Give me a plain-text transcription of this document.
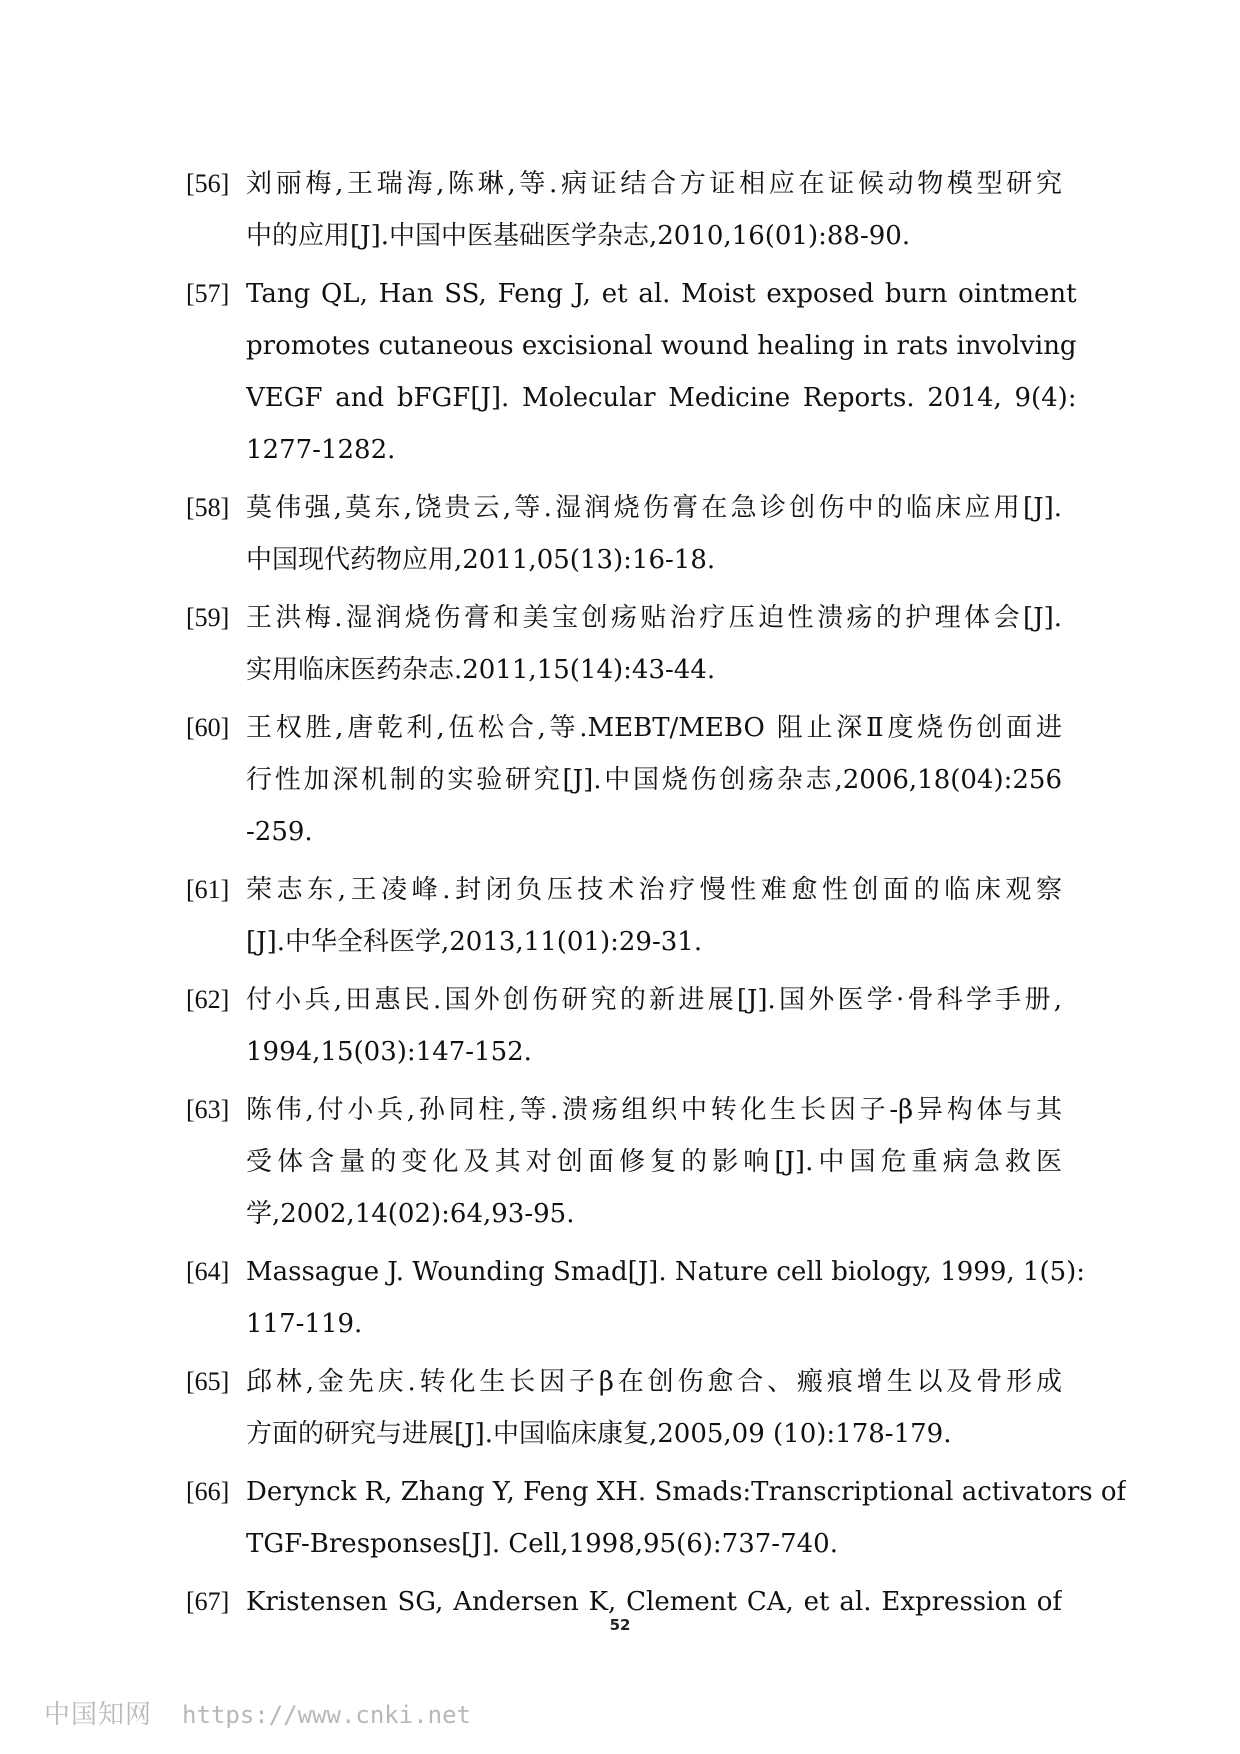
[56] 刘丽梅,王瑞海,陈琳,等.病证结合方证相应在证候动物模型研究
中的应用[J].中国中医基础医学杂志,2010,16(01):88-90.
[57] Tang QL, Han SS, Feng J, et al. Moist exposed burn ointment
promotes cutaneous excisional wound healing in rats involving
VEGF and bFGF[J]. Molecular Medicine Reports. 2014, 9(4):
1277-1282.
[58] 莫伟强,莫东,饶贵云,等.湿润烧伤膏在急诊创伤中的临床应用[J].
中国现代药物应用,2011,05(13):16-18.
[59] 王洪梅.湿润烧伤膏和美宝创疡贴治疗压迫性溃疡的护理体会[J].
实用临床医药杂志.2011,15(14):43-44.
[60] 王权胜,唐乾利,伍松合,等.MEBT/MEBO 阻止深Ⅱ度烧伤创面进
行性加深机制的实验研究[J].中国烧伤创疡杂志,2006,18(04):256
-259.
[61] 荣志东,王凌峰.封闭负压技术治疗慢性难愈性创面的临床观察
[J].中华全科医学,2013,11(01):29-31.
[62] 付小兵,田惠民.国外创伤研究的新进展[J].国外医学·骨科学手册,
1994,15(03):147-152.
[63] 陈伟,付小兵,孙同柱,等.溃疡组织中转化生长因子-β异构体与其
受体含量的变化及其对创面修复的影响[J].中国危重病急救医
学,2002,14(02):64,93-95.
[64] Massague J. Wounding Smad[J]. Nature cell biology, 1999, 1(5):
117-119.
[65] 邱林,金先庆.转化生长因子β在创伤愈合、瘢痕增生以及骨形成
方面的研究与进展[J].中国临床康复,2005,09 (10):178-179.
[66] Derynck R, Zhang Y, Feng XH. Smads:Transcriptional activators of
TGF-Bresponses[J]. Cell,1998,95(6):737-740.
[67] Kristensen SG, Andersen K, Clement CA, et al. Expression of
52
中国知网 https://www.cnki.net
